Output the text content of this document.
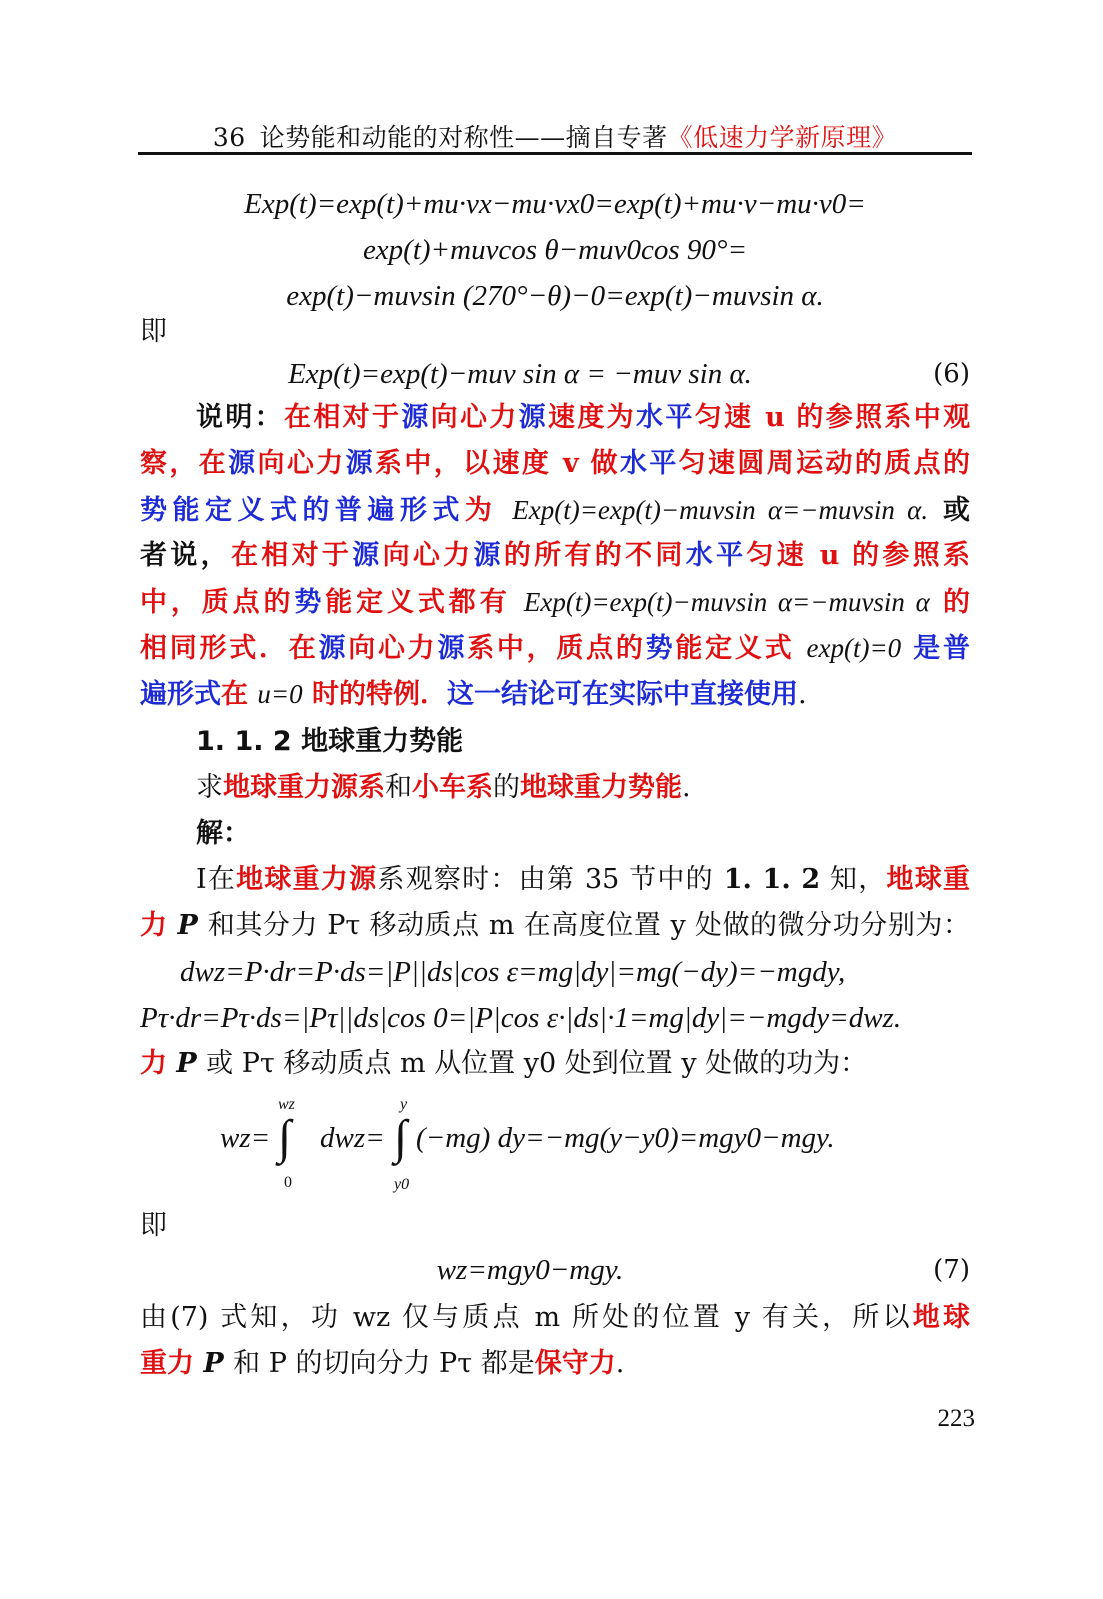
36 论势能和动能的对称性——摘自专著《低速力学新原理》
Exp(t)=exp(t)+mu·vx−mu·vx0=exp(t)+mu·v−mu·v0=
exp(t)+muvcos θ−muv0cos 90°=
exp(t)−muvsin (270°−θ)−0=exp(t)−muvsin α.
即
Exp(t)=exp(t)−muv sin α = −muv sin α.	(6)
说明：在相对于源向心力源速度为水平匀速 u 的参照系中观
察，在源向心力源系中，以速度 v 做水平匀速圆周运动的质点的
势能定义式的普遍形式为 Exp(t)=exp(t)−muvsin α=−muvsin α. 或
者说，在相对于源向心力源的所有的不同水平匀速 u 的参照系
中，质点的势能定义式都有 Exp(t)=exp(t)−muvsin α=−muvsin α 的
相同形式．在源向心力源系中，质点的势能定义式 exp(t)=0 是普
遍形式在 u=0 时的特例．这一结论可在实际中直接使用.
1. 1. 2 地球重力势能
求地球重力源系和小车系的地球重力势能.
解：
Ⅰ在地球重力源系观察时：由第 35 节中的 1. 1. 2 知，地球重
力 P 和其分力 Pτ 移动质点 m 在高度位置 y 处做的微分功分别为：
dwz=P·dr=P·ds=|P||ds|cos ε=mg|dy|=mg(−dy)=−mgdy,
Pτ·dr=Pτ·ds=|Pτ||ds|cos 0=|P|cos ε·|ds|·1=mg|dy|=−mgdy=dwz.
力 P 或 Pτ 移动质点 m 从位置 y0 处到位置 y 处做的功为：
wz=
wz
∫
0
dwz=
y
∫
y0
(−mg) dy=−mg(y−y0)=mgy0−mgy.
即
wz=mgy0−mgy.	(7)
由(7) 式知，功 wz 仅与质点 m 所处的位置 y 有关，所以地球
重力 P 和 P 的切向分力 Pτ 都是保守力.
223
